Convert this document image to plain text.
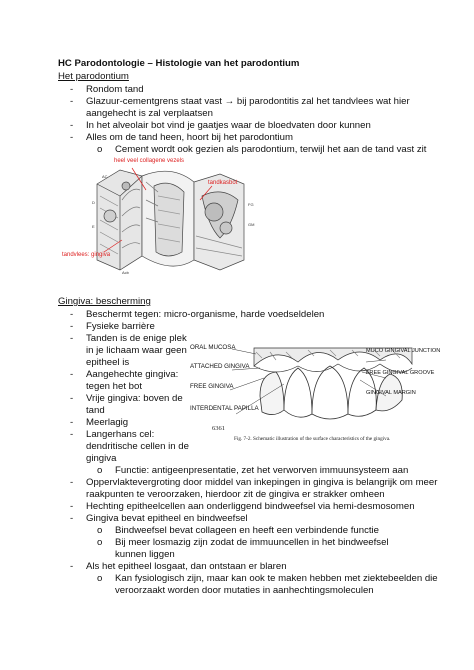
HC Parodontologie – Histologie van het parodontium
Het parodontium
- Rondom tand
- Glazuur-cementgrens staat vast → bij parodontitis zal het tandvlees wat hier
aangehecht is zal verplaatsen
- In het alveolair bot vind je gaatjes waar de bloedvaten door kunnen
- Alles om de tand heen, hoort bij het parodontium
o Cement wordt ook gezien als parodontium, terwijl het aan de tand vast zit
AC
D
E
FG
GM
Acb
heel veel collagene vezels
tandkasbot
tandvlees: gingiva
Gingiva: bescherming
- Beschermt tegen: micro-organisme, harde voedseldelen
- Fysieke barrière
- Tanden is de enige plek
in je lichaam waar geen
epitheel is
- Aangehechte gingiva:
tegen het bot
- Vrije gingiva: boven de
tand
- Meerlagig
- Langerhans cel:
dendritische cellen in de
gingiva
o Functie: antigeenpresentatie, zet het verworven immuunsysteem aan
- Oppervlaktevergroting door middel van inkepingen in gingiva is belangrijk om meer
raakpunten te veroorzaken, hierdoor zit de gingiva er strakker omheen
- Hechting epitheelcellen aan onderliggend bindweefsel via hemi-desmosomen
- Gingiva bevat epitheel en bindweefsel
o Bindweefsel bevat collageen en heeft een verbindende functie
o Bij meer losmazig zijn zodat de immuuncellen in het bindweefsel
kunnen liggen
- Als het epitheel losgaat, dan ontstaan er blaren
o Kan fysiologisch zijn, maar kan ook te maken hebben met ziektebeelden die
veroorzaakt worden door mutaties in aanhechtingsmoleculen
ORAL MUCOSA
ATTACHED GINGIVA
FREE GINGIVA
INTERDENTAL PAPILLA
MUCO GINGIVAL JUNCTION
FREE GINGIVAL GROOVE
GINGIVAL MARGIN
6361
Fig. 7-2. Schematic illustration of the surface characteristics of the gingiva.
